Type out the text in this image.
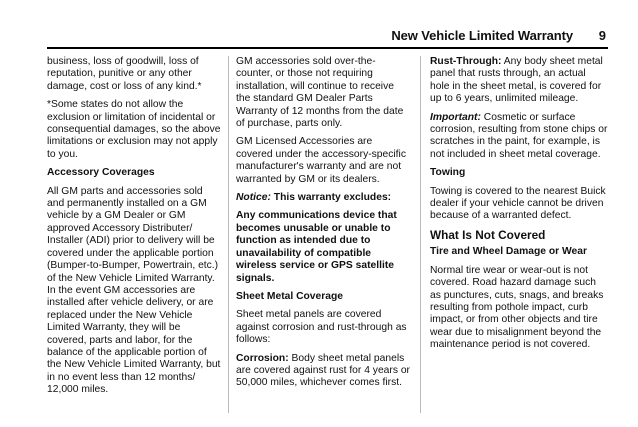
New Vehicle Limited Warranty 9

business, loss of goodwill, loss of reputation, punitive or any other damage, cost or loss of any kind.*

*Some states do not allow the exclusion or limitation of incidental or consequential damages, so the above limitations or exclusion may not apply to you.

Accessory Coverages

All GM parts and accessories sold and permanently installed on a GM vehicle by a GM Dealer or GM approved Accessory Distributer/ Installer (ADI) prior to delivery will be covered under the applicable portion (Bumper-to-Bumper, Powertrain, etc.) of the New Vehicle Limited Warranty. In the event GM accessories are installed after vehicle delivery, or are replaced under the New Vehicle Limited Warranty, they will be covered, parts and labor, for the balance of the applicable portion of the New Vehicle Limited Warranty, but in no event less than 12 months/ 12,000 miles.

GM accessories sold over-the-counter, or those not requiring installation, will continue to receive the standard GM Dealer Parts Warranty of 12 months from the date of purchase, parts only.

GM Licensed Accessories are covered under the accessory-specific manufacturer's warranty and are not warranted by GM or its dealers.

Notice: This warranty excludes:

Any communications device that becomes unusable or unable to function as intended due to unavailability of compatible wireless service or GPS satellite signals.

Sheet Metal Coverage

Sheet metal panels are covered against corrosion and rust-through as follows:

Corrosion: Body sheet metal panels are covered against rust for 4 years or 50,000 miles, whichever comes first.

Rust-Through: Any body sheet metal panel that rusts through, an actual hole in the sheet metal, is covered for up to 6 years, unlimited mileage.

Important: Cosmetic or surface corrosion, resulting from stone chips or scratches in the paint, for example, is not included in sheet metal coverage.

Towing

Towing is covered to the nearest Buick dealer if your vehicle cannot be driven because of a warranted defect.

What Is Not Covered
Tire and Wheel Damage or Wear

Normal tire wear or wear-out is not covered. Road hazard damage such as punctures, cuts, snags, and breaks resulting from pothole impact, curb impact, or from other objects and tire wear due to misalignment beyond the maintenance period is not covered.
